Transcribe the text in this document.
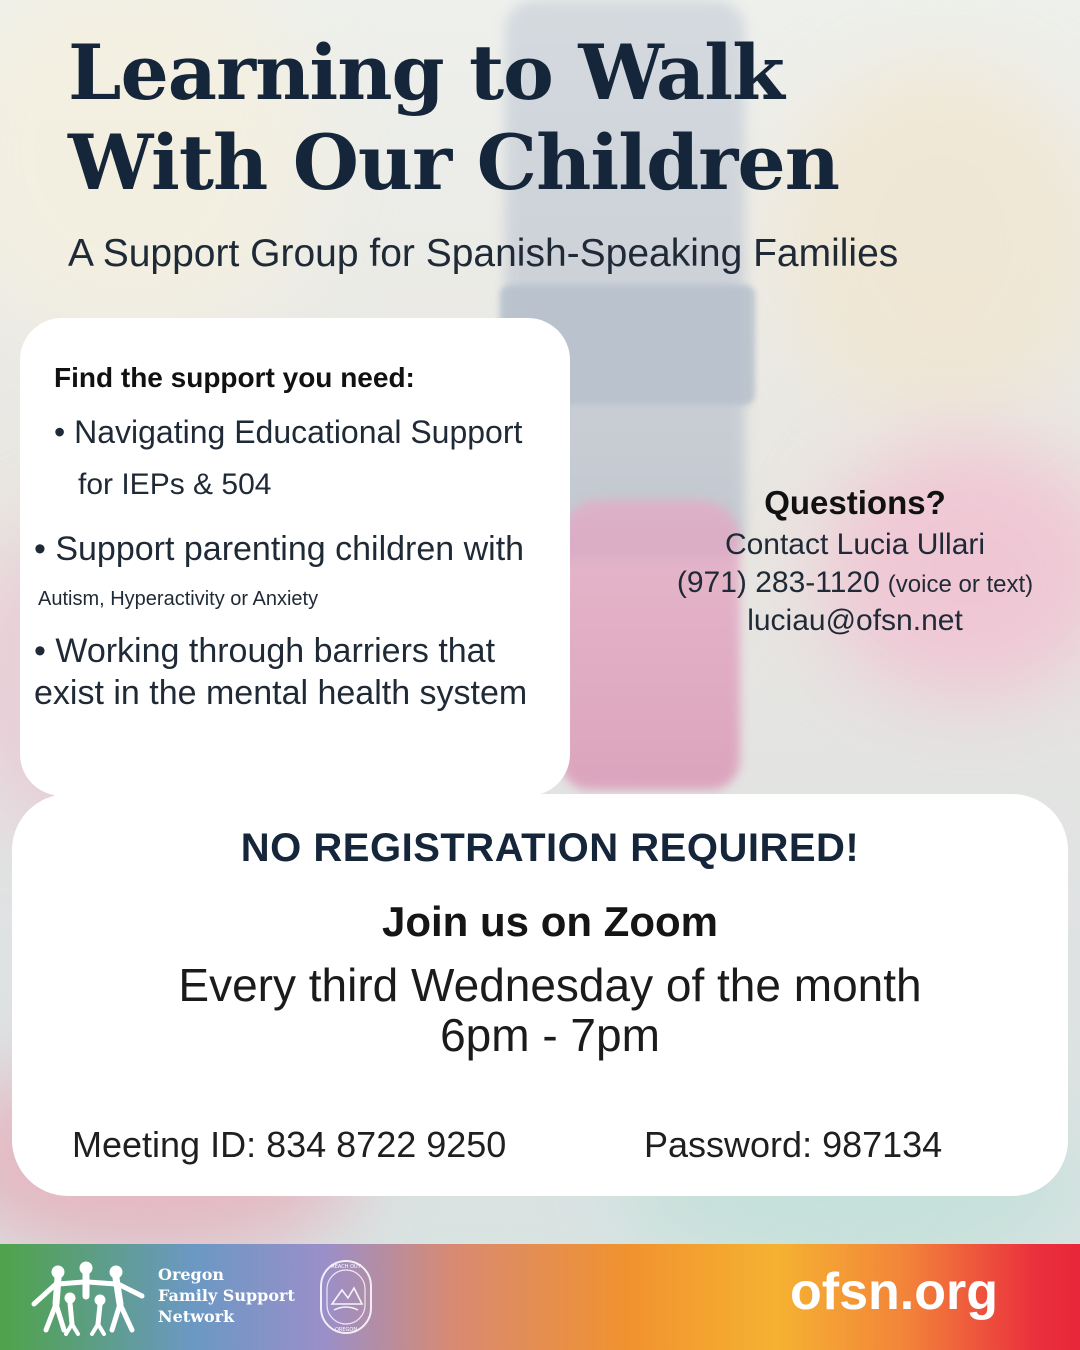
Learning to Walk
With Our Children

A Support Group for Spanish-Speaking Families

Find the support you need:

• Navigating Educational Support
for IEPs & 504
• Support parenting children with
Autism, Hyperactivity or Anxiety
• Working through barriers that exist in the mental health system

Questions?

Contact Lucia Ullari

(971) 283-1120 (voice or text)

luciau@ofsn.net

NO REGISTRATION REQUIRED!

Join us on Zoom

Every third Wednesday of the month
6pm - 7pm

Meeting ID: 834 8722 9250	Password: 987134

Oregon
Family Support
Network

REACH OUT
OREGON

ofsn.org
